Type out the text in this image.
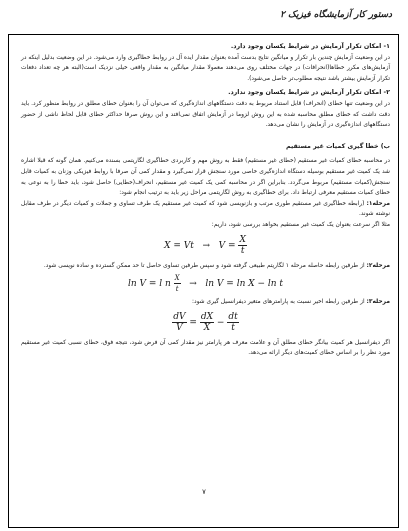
دستور کار آزمایشگاه فیزیک ۲

۱- امکان تکرار آزمایش در شرایط یکسان وجود دارد.

در این وضعیت آزمایش چندین بار تکرار و میانگین نتایج بدست آمده بعنوان مقدار ایده آل در روابط خطاگیری وارد می‌شود. در این وضعیت بدلیل اینکه در آزمایش‌های مکرر خطاها(انحرافات) در جهات مختلف روی می‌دهند معمولا مقدار میانگین به مقدار واقعی خیلی نزدیک است(البته هر چه تعداد دفعات تکرار آزمایش بیشتر باشد نتیجه مطلوب‌تر حاصل می‌شود).

۲- امکان تکرار آزمایش در شرایط یکسان وجود ندارد.

در این وضعیت تنها خطای (انحراف) قابل استناد مربوط به دقت دستگاههای اندازه‌گیری که می‌توان آن را بعنوان خطای مطلق در روابط منظور کرد. باید دقت داشت که خطای مطلق محاسبه شده به این روش لزوما در آزمایش اتفاق نمی‌افتد و این روش صرفا حداکثر خطای قابل لحاظ ناشی از حضور دستگاههای اندازه‌گیری در آزمایش را نشان می‌دهد.

ب) خطا گیری کمیات غیر مستقیم

در محاسبه خطای کمیات غیر مستقیم (خطای غیر مستقیم) فقط به روش مهم و کاربردی خطاگیری لگاریتمی بسنده می‌کنیم. همان گونه که قبلا اشاره شد یک کمیت غیر مستقیم بوسیله دستگاه اندازه‌گیری خاصی مورد سنجش قرار نمی‌گیرد و مقدار کمی آن صرفا با روابط فیزیکی وزنان به کمیات قابل سنجش(کمیات مستقیم) مربوط می‌گردد. بنابراین اگر در محاسبه کمی یک کمیت غیر مستقیم، انحراف(خطایی) حاصل شود، باید خطا را به نوعی به خطای کمیات مستقیم معرفی ارتباط داد. برای خطاگیری به روش لگاریتمی مراحل زیر باید به ترتیب انجام شود:

مرحله۱: (رابطه خطاگیری غیر مستقیم طوری مرتب و بازنویسی شود که کمیت غیر مستقیم یک طرف تساوی و جملات و کمیات دیگر در طرف مقابل نوشته شوند.

مثلا اگر سرعت بعنوان یک کمیت غیر مستقیم بخواهد بررسی شود، داریم:

$X = Vt \to V = \frac{X}{t}$

مرحله۲: از طرفین رابطه حاصله مرحله ۱ لگاریتم طبیعی گرفته شود و سپس طرفین تساوی حاصل تا حد ممکن گسترده و ساده نویسی شود.

ln V = l n $\frac{X}{t} \to \ln V = \ln X - \ln t$

مرحله۳: از طرفین رابطه اخیر نسبت به پارامترهای متغیر دیفرانسیل گیری شود:

$\frac{dV}{V} = \frac{dX}{X} - \frac{dt}{t}$

اگر دیفرانسیل هر کمیت بیانگر خطای مطلق آن و علامت معرف هر پارامتر نیز مقدار کمی آن فرض شود، نتیجه فوق، خطای نسبی کمیت غیر مستقیم مورد نظر را بر اساس خطای کمیت‌های دیگر ارائه می‌دهد.

۷
